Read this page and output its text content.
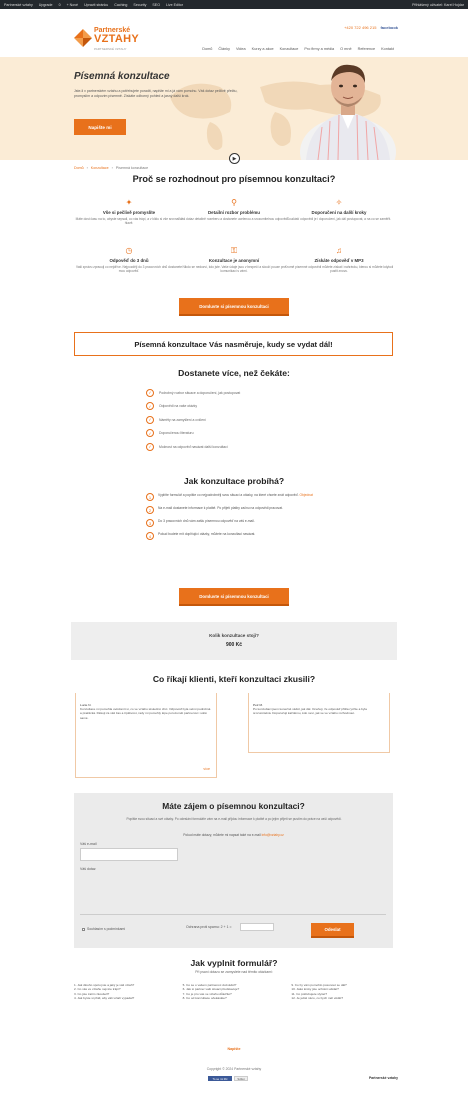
Partnerské vztahy Upgrade 0 + Nové Upravit stránku Caching Security SEO Live Editor	Přihlášený uživatel: Karel Hojdar
Partnerské
VZTAHY
PARTNERSKÉ VZTAHY
+420 722 496 215 facebook
Domů Články Videa Kurzy a akce Konzultace Pro firmy a média O mně Reference Kontakt
Písemná konzultace
Jste-li v partnerském vztahu a potřebujete poradit, napište mi a já vám pomohu. Váš dotaz pečlivě přečtu, promyslím a odpovím písemně. Získáte odborný pohled a jasný další krok.
Napište mi
▶
Domů › Konzultace › Písemná konzultace
Proč se rozhodnout pro písemnou konzultaci?
✦
Vše si pečlivě promyslíte
Máte dost času na to, abyste sepsali, co vás trápí, a v klidu si vše srovnali v hlavě.
⚲
Detailní rozbor problému
Váš dotaz detailně rozeberu a dostanete ucelenou a srozumitelnou odpověď.
✧
Doporučení na další kroky
Součástí odpovědi je i doporučení, jak dál postupovat, a na co se zaměřit.
◷
Odpověď do 3 dnů
Vaši zprávu zpracuji co nejdříve. Nejpozději do 3 pracovních dnů dostanete mou odpověď.
⚿
Konzultace je anonymní
Nikdo se nedozví, kdo jste. Vaše údaje jsou v bezpečí a slouží pouze pro komunikaci s vámi.
♫
Získáte odpověď v MP3
Kromě písemné odpovědi můžete získat i nahrávku, kterou si můžete kdykoli pustit znovu.
Domluvte si písemnou konzultaci
Písemná konzultace Vás nasměruje, kudy se vydat dál!
Dostanete více, než čekáte:
✓	Podrobný rozbor situace a doporučení, jak postupovat
✓	Odpovědi na vaše otázky
✓	Náměty na zamyšlení a cvičení
✓	Doporučenou literaturu
✓	Možnost na odpověď navázat další konzultací
Jak konzultace probíhá?
1	Vyplňte formulář a popište co nejpodrobněji svou situaci a otázky, na které chcete znát odpověď. Objednat
2	Na e-mail dostanete informace k platbě. Po přijetí platby začnu na odpovědi pracovat.
3	Do 3 pracovních dnů vám zašlu písemnou odpověď na váš e-mail.
4	Pokud budete mít doplňující otázky, můžete na konzultaci navázat.
Domluvte si písemnou konzultaci
Kolik konzultace stojí?
900 Kč
Co říkají klienti, kteří konzultaci zkusili?
Lucie N.
Konzultace mi pomohla uvědomit si, co ve vztahu skutečně chci. Odpověď byla velmi podrobná a praktická. Děkuji za váš čas a trpělivost, rady mi pomohly lépe porozumět partnerovi i sobě samé.
více
Petr M.
Po konzultaci jsem konečně věděl, jak dál. Oceňuji, že odpověď přišla rychle a byla srozumitelná. Doporučuji každému, kdo neví, jak se ve vztahu rozhodnout.
Máte zájem o písemnou konzultaci?
Popište svou situaci a své otázky. Po odeslání formuláře vám na e-mail přijdou informace k platbě a po jejím přijetí se pustím do práce na vaší odpovědi.
Pokud máte dotazy, můžete mi napsat také na e-mail info@vztahy.cz
Váš e-mail
Váš dotaz
Souhlasím s podmínkami	Ochrana proti spamu: 2 + 1 =	Odeslat
Jak vyplnit formulář?
Při psaní dotazu se zamyslete nad těmito otázkami:
1. Jak dlouho spolu jste a jaký je váš vztah?
2. Co vás ve vztahu nejvíce trápí?
3. Co jste zatím zkoušeli?
4. Jak byste si přáli, aby váš vztah vypadal?
5. Co se o vašem partnerovi dozvěděl?
6. Jak si partner vaši situaci představuje?
7. Co je pro vás ve vztahu důležité?
8. Co od konzultace očekáváte?
9. Co by vám pomohlo posunout se dál?
10. Jaké kroky jste ochotni udělat?
11. Co potřebujete slyšet?
12. Je ještě něco, co bych měl vědět?
Napište
Copyright © 2024 Partnerské vztahy
To se mi líbí	Sdílet	Partnerské vztahy
